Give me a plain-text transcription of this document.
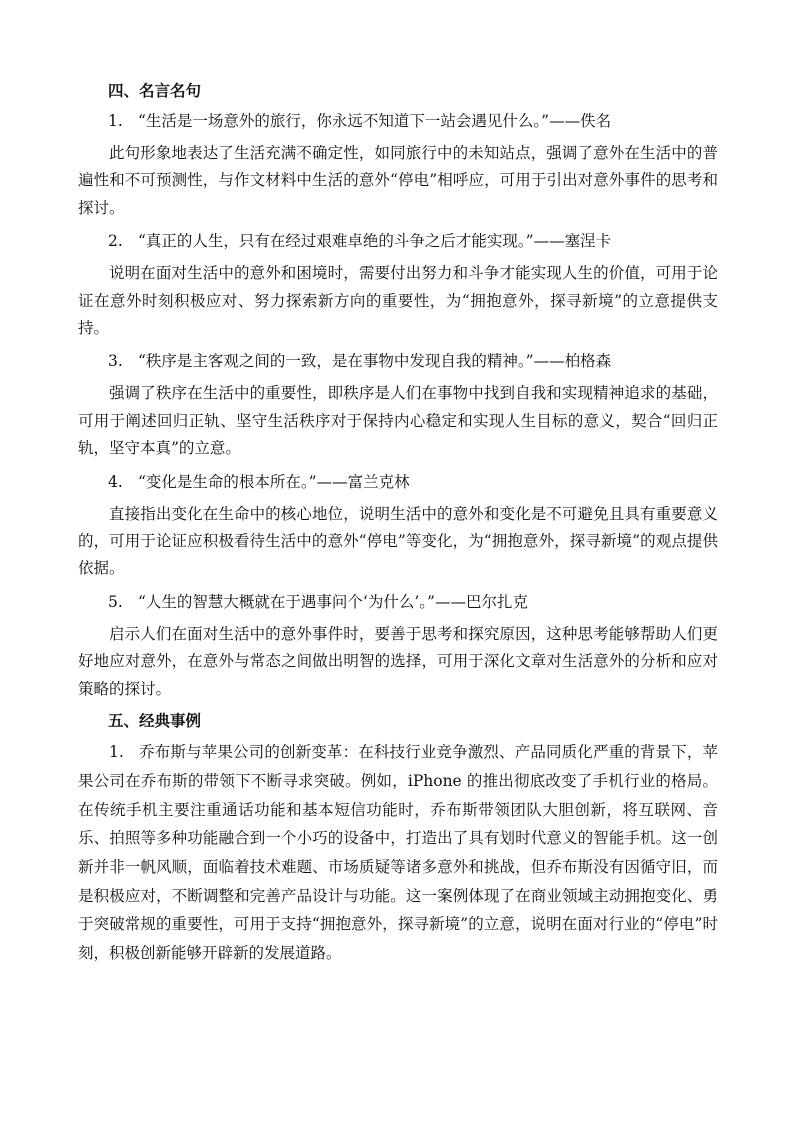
四、名言名句
1. “生活是一场意外的旅行，你永远不知道下一站会遇见什么。”——佚名
此句形象地表达了生活充满不确定性，如同旅行中的未知站点，强调了意外在生活中的普遍性和不可预测性，与作文材料中生活的意外“停电”相呼应，可用于引出对意外事件的思考和探讨。
2. “真正的人生，只有在经过艰难卓绝的斗争之后才能实现。”——塞涅卡
说明在面对生活中的意外和困境时，需要付出努力和斗争才能实现人生的价值，可用于论证在意外时刻积极应对、努力探索新方向的重要性，为“拥抱意外，探寻新境”的立意提供支持。
3. “秩序是主客观之间的一致，是在事物中发现自我的精神。”——柏格森
强调了秩序在生活中的重要性，即秩序是人们在事物中找到自我和实现精神追求的基础，可用于阐述回归正轨、坚守生活秩序对于保持内心稳定和实现人生目标的意义，契合“回归正轨，坚守本真”的立意。
4. “变化是生命的根本所在。”——富兰克林
直接指出变化在生命中的核心地位，说明生活中的意外和变化是不可避免且具有重要意义的，可用于论证应积极看待生活中的意外“停电”等变化，为“拥抱意外，探寻新境”的观点提供依据。
5. “人生的智慧大概就在于遇事问个‘为什么’。”——巴尔扎克
启示人们在面对生活中的意外事件时，要善于思考和探究原因，这种思考能够帮助人们更好地应对意外，在意外与常态之间做出明智的选择，可用于深化文章对生活意外的分析和应对策略的探讨。
五、经典事例
1. 乔布斯与苹果公司的创新变革：在科技行业竞争激烈、产品同质化严重的背景下，苹果公司在乔布斯的带领下不断寻求突破。例如，iPhone 的推出彻底改变了手机行业的格局。在传统手机主要注重通话功能和基本短信功能时，乔布斯带领团队大胆创新，将互联网、音乐、拍照等多种功能融合到一个小巧的设备中，打造出了具有划时代意义的智能手机。这一创新并非一帆风顺，面临着技术难题、市场质疑等诸多意外和挑战，但乔布斯没有因循守旧，而是积极应对，不断调整和完善产品设计与功能。这一案例体现了在商业领域主动拥抱变化、勇于突破常规的重要性，可用于支持“拥抱意外，探寻新境”的立意，说明在面对行业的“停电”时刻，积极创新能够开辟新的发展道路。
